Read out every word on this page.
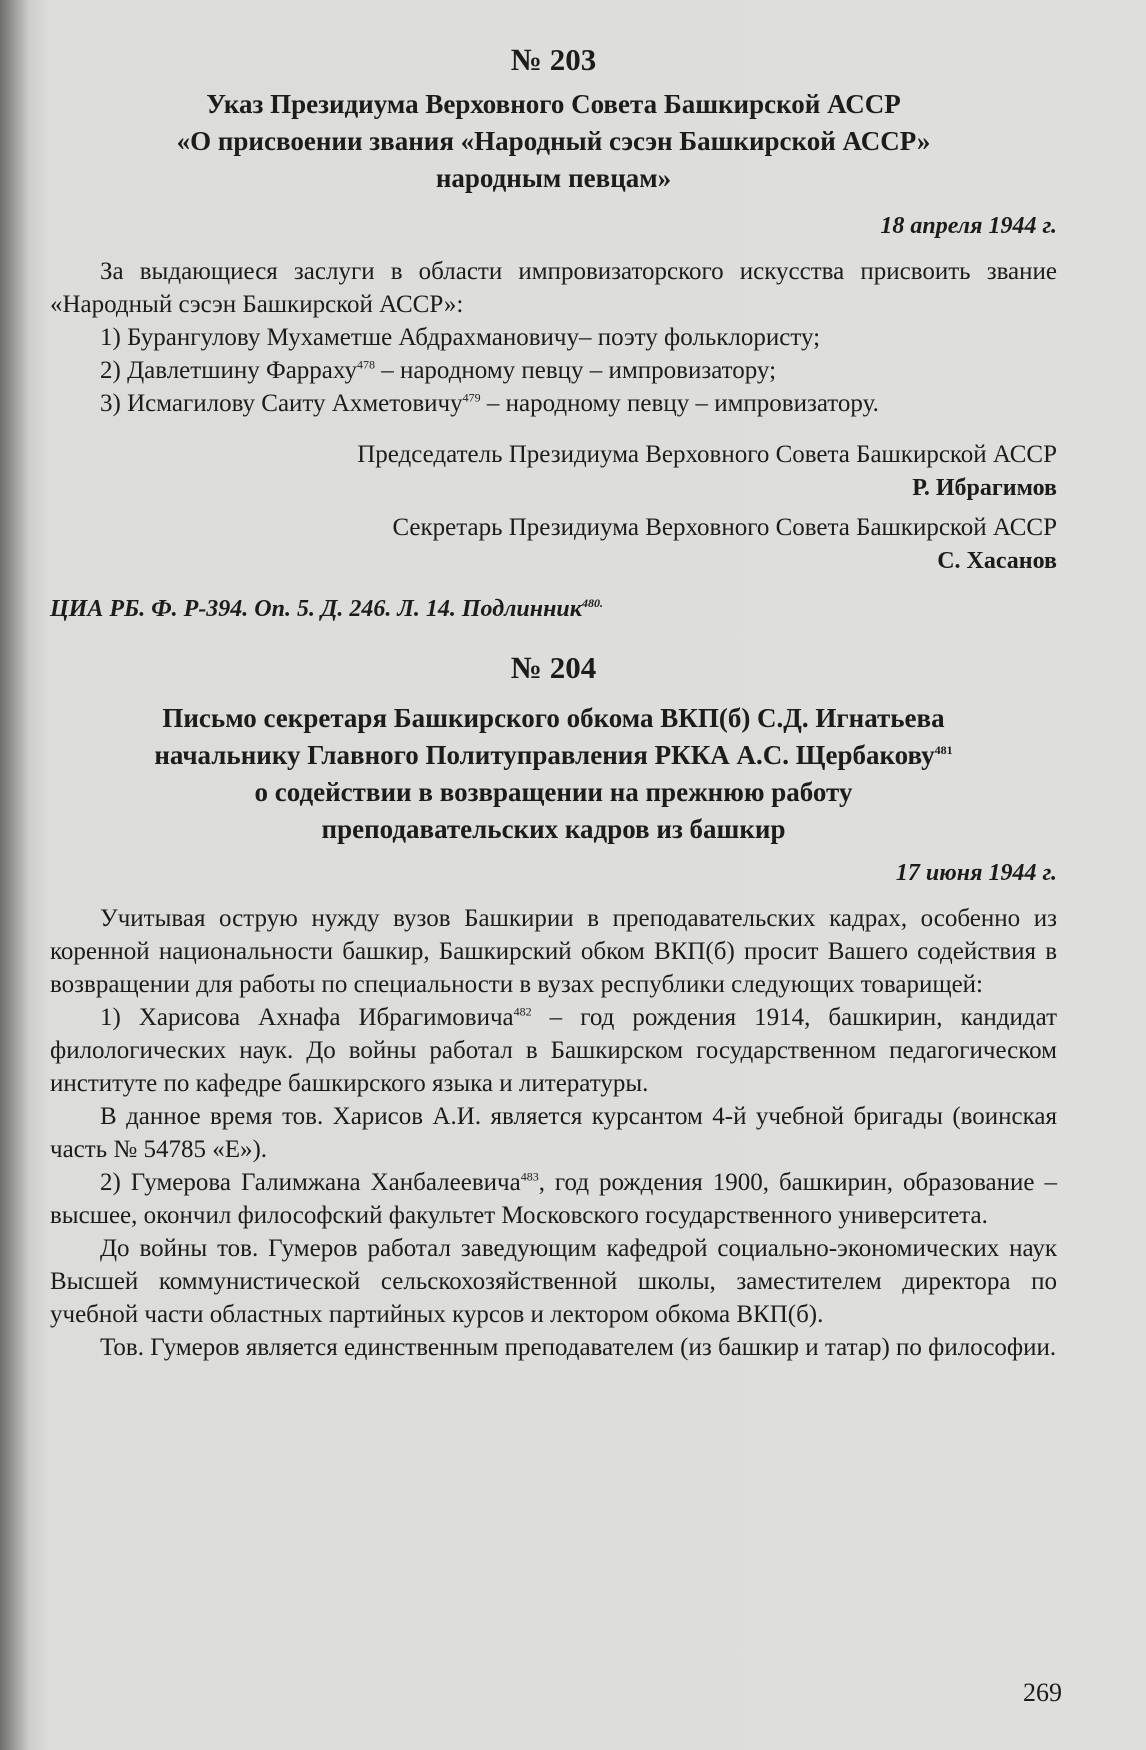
№ 203

Указ Президиума Верховного Совета Башкирской АССР

«О присвоении звания «Народный сэсэн Башкирской АССР»

народным певцам»

18 апреля 1944 г.

За выдающиеся заслуги в области импровизаторского искусства присвоить звание «Народный сэсэн Башкирской АССР»:

1) Бурангулову Мухаметше Абдрахмановичу– поэту фольклористу;

2) Давлетшину Фарраху$^{478}$ – народному певцу – импровизатору;

3) Исмагилову Саиту Ахметовичу$^{479}$ – народному певцу – импровизатору.

Председатель Президиума Верховного Совета Башкирской АССР

Р. Ибрагимов

Секретарь Президиума Верховного Совета Башкирской АССР

С. Хасанов

ЦИА РБ. Ф. Р-394. Оп. 5. Д. 246. Л. 14. Подлинник$^{480.}$

№ 204

Письмо секретаря Башкирского обкома ВКП(б) С.Д. Игнатьева

начальнику Главного Политуправления РККА А.С. Щербакову$^{481}$

о содействии в возвращении на прежнюю работу

преподавательских кадров из башкир

17 июня 1944 г.

Учитывая острую нужду вузов Башкирии в преподавательских кадрах, особенно из коренной национальности башкир, Башкирский обком ВКП(б) просит Вашего содействия в возвращении для работы по специальности в вузах республики следующих товарищей:

1) Харисова Ахнафа Ибрагимовича$^{482}$ – год рождения 1914, башкирин, кандидат филологических наук. До войны работал в Башкирском государственном педагогическом институте по кафедре башкирского языка и литературы.

В данное время тов. Харисов А.И. является курсантом 4-й учебной бригады (воинская часть № 54785 «Е»).

2) Гумерова Галимжана Ханбалеевича$^{483}$, год рождения 1900, башкирин, образование – высшее, окончил философский факультет Московского государственного университета.

До войны тов. Гумеров работал заведующим кафедрой социально-экономических наук Высшей коммунистической сельскохозяйственной школы, заместителем директора по учебной части областных партийных курсов и лектором обкома ВКП(б).

Тов. Гумеров является единственным преподавателем (из башкир и татар) по философии.

269
